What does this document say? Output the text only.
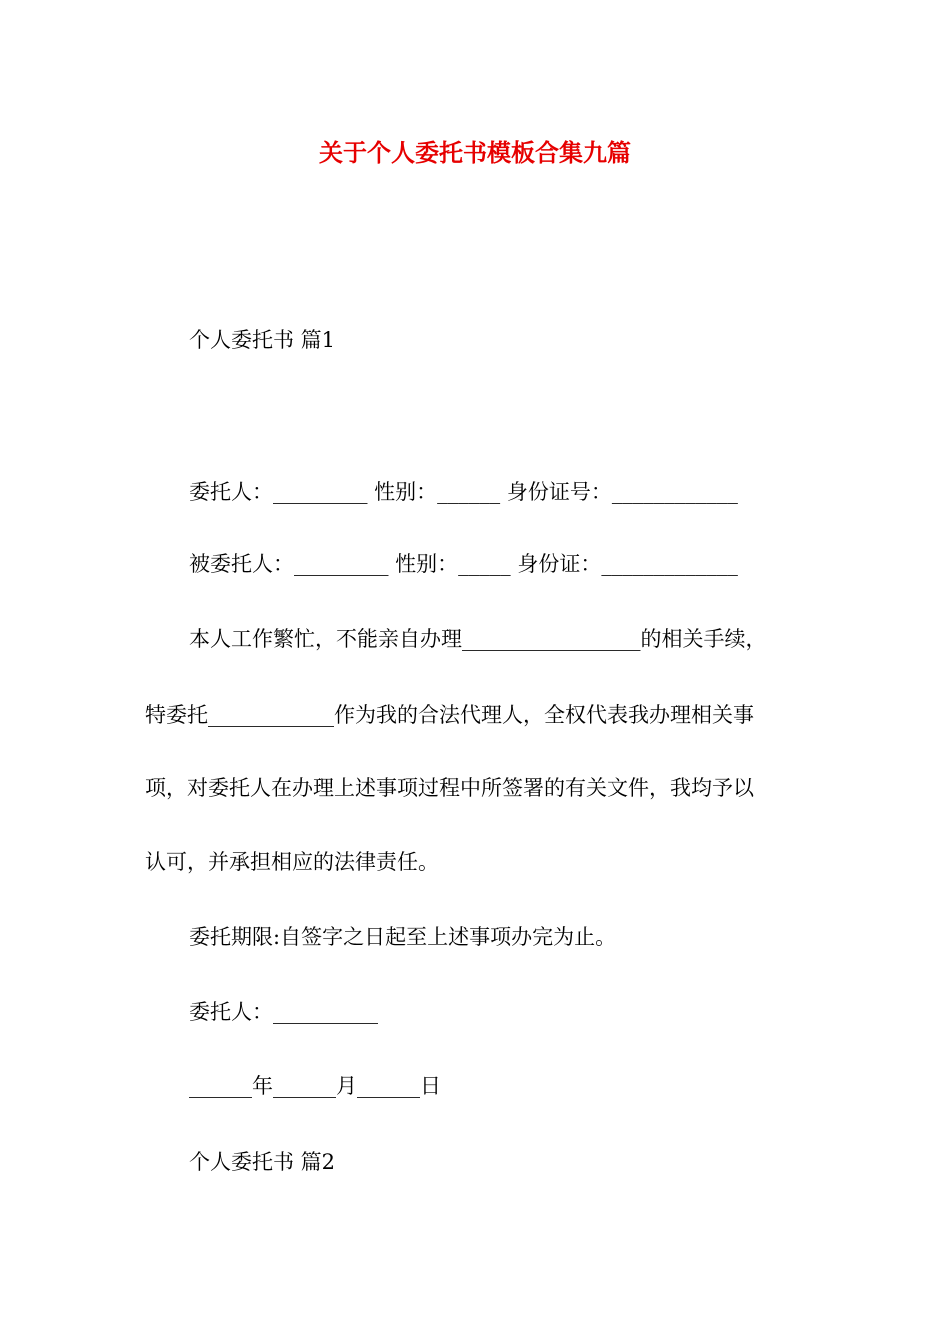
关于个人委托书模板合集九篇

个人委托书 篇1

委托人：_________ 性别：______ 身份证号：____________

被委托人：_________ 性别：_____ 身份证：_____________

本人工作繁忙，不能亲自办理_________________的相关手续，

特委托____________作为我的合法代理人，全权代表我办理相关事

项，对委托人在办理上述事项过程中所签署的有关文件，我均予以

认可，并承担相应的法律责任。

委托期限:自签字之日起至上述事项办完为止。

委托人：__________

______年______月______日

个人委托书 篇2
